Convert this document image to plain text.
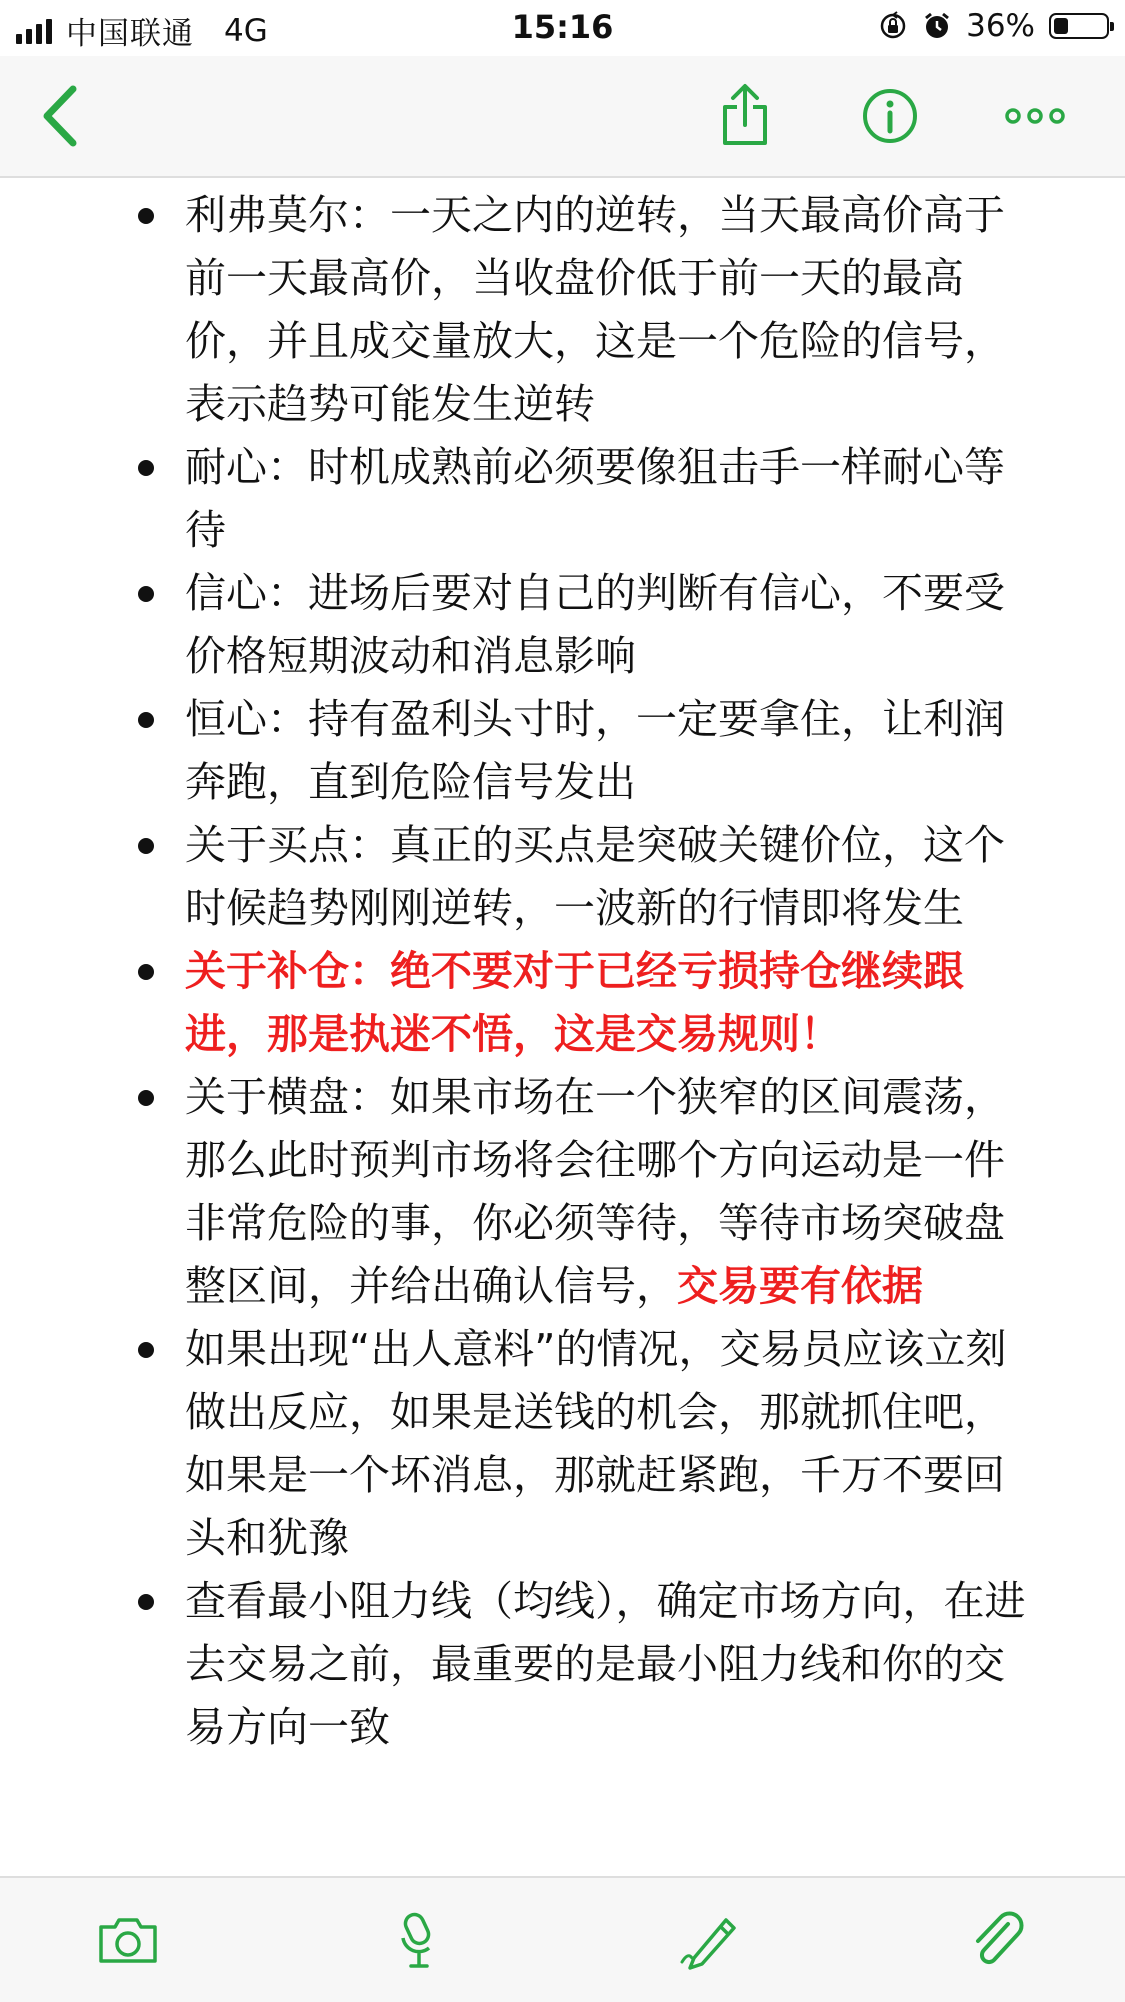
中国联通 4G	15:16	36%
利弗莫尔：一天之内的逆转，当天最高价高于前一天最高价，当收盘价低于前一天的最高价，并且成交量放大，这是一个危险的信号，表示趋势可能发生逆转
耐心：时机成熟前必须要像狙击手一样耐心等待
信心：进场后要对自己的判断有信心，不要受价格短期波动和消息影响
恒心：持有盈利头寸时，一定要拿住，让利润奔跑，直到危险信号发出
关于买点：真正的买点是突破关键价位，这个时候趋势刚刚逆转，一波新的行情即将发生
关于补仓：绝不要对于已经亏损持仓继续跟进，那是执迷不悟，这是交易规则！
关于横盘：如果市场在一个狭窄的区间震荡，那么此时预判市场将会往哪个方向运动是一件非常危险的事，你必须等待，等待市场突破盘整区间，并给出确认信号，交易要有依据
如果出现“出人意料”的情况，交易员应该立刻做出反应，如果是送钱的机会，那就抓住吧，如果是一个坏消息，那就赶紧跑，千万不要回头和犹豫
查看最小阻力线（均线），确定市场方向，在进去交易之前，最重要的是最小阻力线和你的交易方向一致
